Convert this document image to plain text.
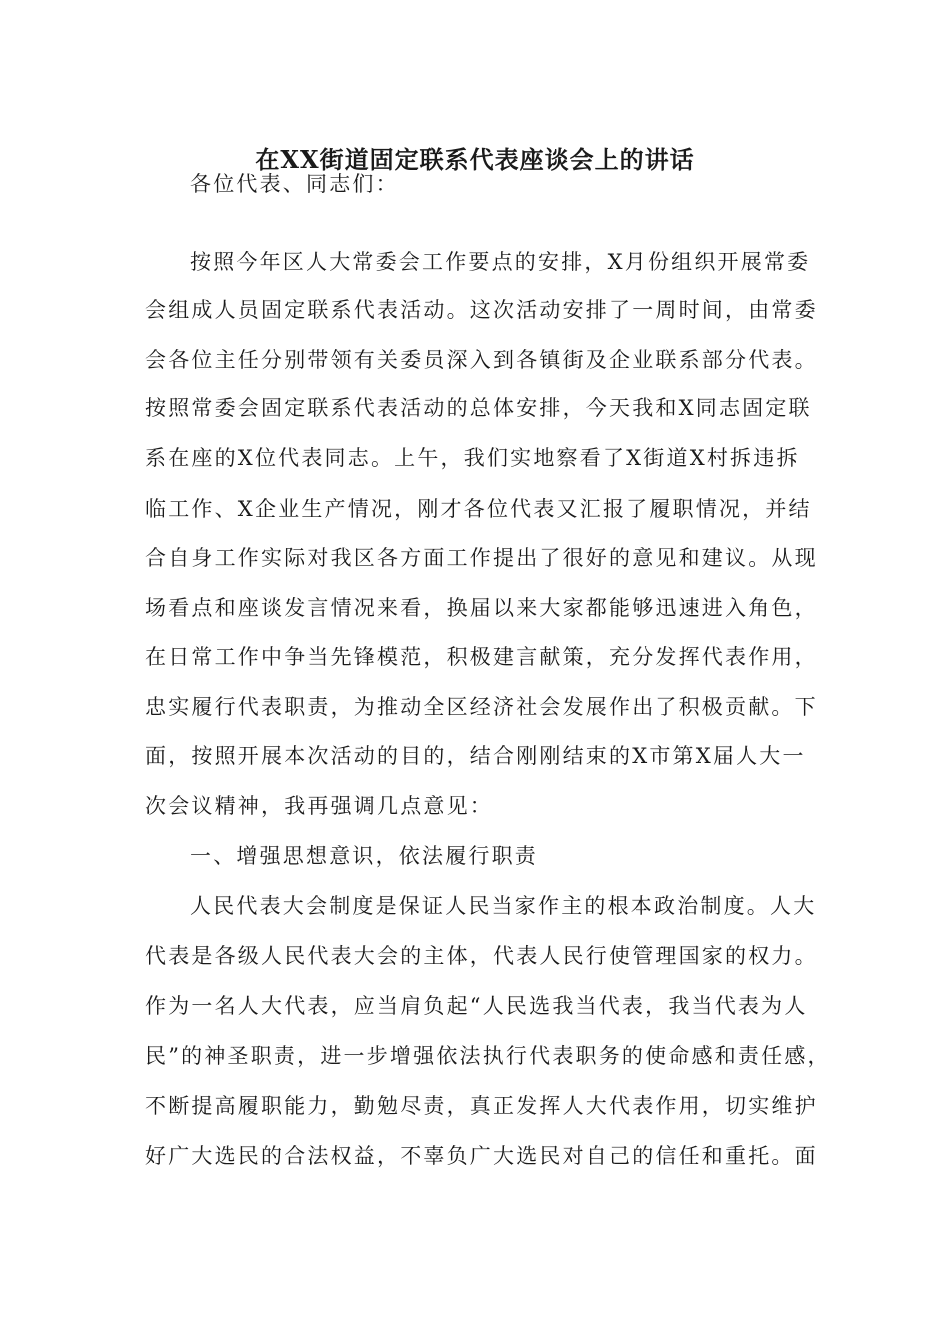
在XX街道固定联系代表座谈会上的讲话
各位代表、同志们：
按照今年区人大常委会工作要点的安排，X月份组织开展常委
会组成人员固定联系代表活动。这次活动安排了一周时间，由常委
会各位主任分别带领有关委员深入到各镇街及企业联系部分代表。
按照常委会固定联系代表活动的总体安排，今天我和X同志固定联
系在座的X位代表同志。上午，我们实地察看了X街道X村拆违拆
临工作、X企业生产情况，刚才各位代表又汇报了履职情况，并结
合自身工作实际对我区各方面工作提出了很好的意见和建议。从现
场看点和座谈发言情况来看，换届以来大家都能够迅速进入角色，
在日常工作中争当先锋模范，积极建言献策，充分发挥代表作用，
忠实履行代表职责，为推动全区经济社会发展作出了积极贡献。下
面，按照开展本次活动的目的，结合刚刚结束的X市第X届人大一
次会议精神，我再强调几点意见：
一、增强思想意识，依法履行职责
人民代表大会制度是保证人民当家作主的根本政治制度。人大
代表是各级人民代表大会的主体，代表人民行使管理国家的权力。
作为一名人大代表，应当肩负起“人民选我当代表，我当代表为人
民”的神圣职责，进一步增强依法执行代表职务的使命感和责任感，
不断提高履职能力，勤勉尽责，真正发挥人大代表作用，切实维护
好广大选民的合法权益，不辜负广大选民对自己的信任和重托。面
